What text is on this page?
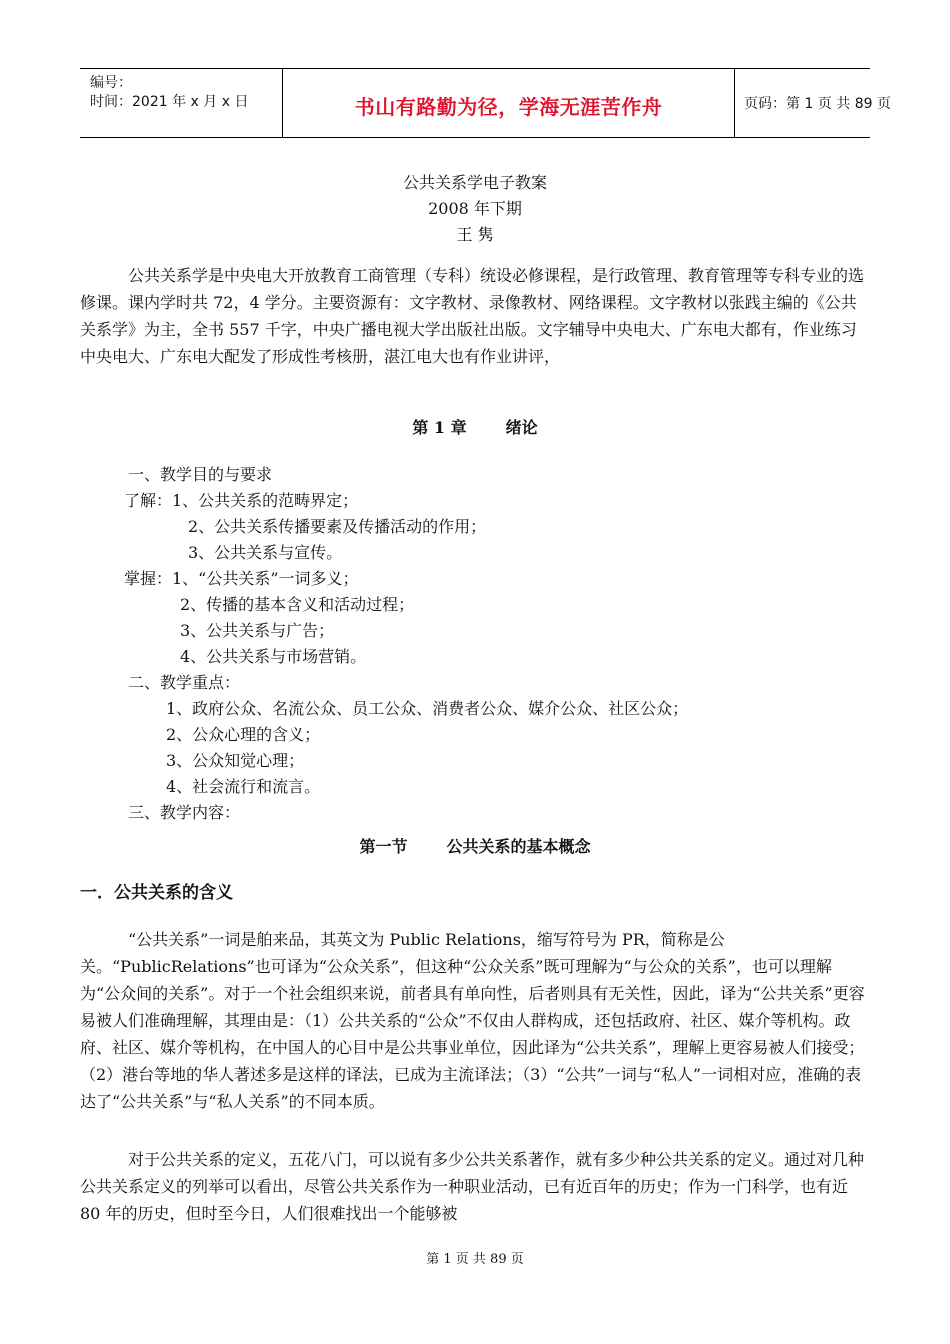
编号：
时间：2021 年 x 月 x 日	书山有路勤为径，学海无涯苦作舟	页码：第 1 页 共 89 页
公共关系学电子教案
2008 年下期
王 隽
公共关系学是中央电大开放教育工商管理（专科）统设必修课程，是行政管理、教育管理等专科专业的选修课。课内学时共 72，4 学分。主要资源有：文字教材、录像教材、网络课程。文字教材以张践主编的《公共关系学》为主，全书 557 千字，中央广播电视大学出版社出版。文字辅导中央电大、广东电大都有，作业练习中央电大、广东电大配发了形成性考核册，湛江电大也有作业讲评，
第 1 章       绪论
一、教学目的与要求
了解：1、公共关系的范畴界定；
2、公共关系传播要素及传播活动的作用；
3、公共关系与宣传。
掌握：1、“公共关系”一词多义；
2、传播的基本含义和活动过程；
3、公共关系与广告；
4、公共关系与市场营销。
二、教学重点：
1、政府公众、名流公众、员工公众、消费者公众、媒介公众、社区公众；
2、公众心理的含义；
3、公众知觉心理；
4、社会流行和流言。
三、教学内容：
第一节       公共关系的基本概念
一．公共关系的含义
“公共关系”一词是舶来品，其英文为 Public Relations，缩写符号为 PR，简称是公关。“PublicRelations”也可译为“公众关系”，但这种“公众关系”既可理解为“与公众的关系”，也可以理解为“公众间的关系”。对于一个社会组织来说，前者具有单向性，后者则具有无关性，因此，译为“公共关系”更容易被人们准确理解，其理由是：（1）公共关系的“公众”不仅由人群构成，还包括政府、社区、媒介等机构。政府、社区、媒介等机构，在中国人的心目中是公共事业单位，因此译为“公共关系”，理解上更容易被人们接受；（2）港台等地的华人著述多是这样的译法，已成为主流译法；（3）“公共”一词与“私人”一词相对应，准确的表达了“公共关系”与“私人关系”的不同本质。
对于公共关系的定义，五花八门，可以说有多少公共关系著作，就有多少种公共关系的定义。通过对几种公共关系定义的列举可以看出，尽管公共关系作为一种职业活动，已有近百年的历史；作为一门科学，也有近 80 年的历史，但时至今日，人们很难找出一个能够被
第 1 页 共 89 页
